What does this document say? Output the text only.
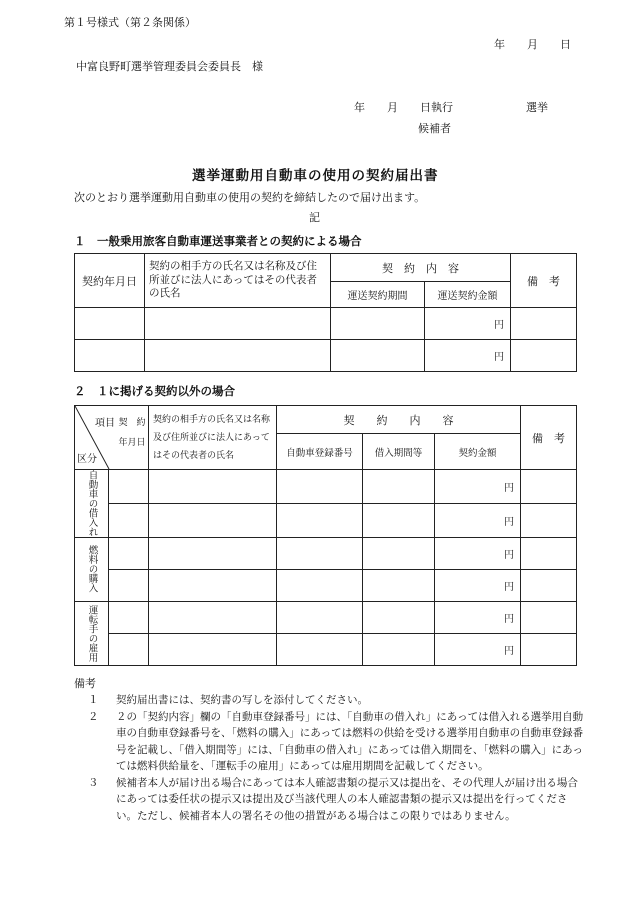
第１号様式（第２条関係）
年　　月　　日
中富良野町選挙管理委員会委員長　様
年　　月　　日執行	選挙
候補者
選挙運動用自動車の使用の契約届出書
次のとおり選挙運動用自動車の使用の契約を締結したので届け出ます。
記
１　一般乗用旅客自動車運送事業者との契約による場合
契約年月日	契約の相手方の氏名又は名称及び住所並びに法人にあってはその代表者の氏名	契　約　内　容		備　考
		運送契約期間	運送契約金額	
			円	
			円	
２　１に掲げる契約以外の場合
項目
区分
契　約 年月日		契約の相手方の氏名又は名称及び住所並びに法人にあってはその代表者の氏名	契　　約　　内　　容			備　考
			自動車登録番号	借入期間等	契約金額	

自動車の借入れ					円	
					円	

燃料の購入					円	
					円	

運転手の雇用					円	
					円	
備考
１	契約届出書には、契約書の写しを添付してください。
２	２の「契約内容」欄の「自動車登録番号」には、「自動車の借入れ」にあっては借入れる選挙用自動車の自動車登録番号を、「燃料の購入」にあっては燃料の供給を受ける選挙用自動車の自動車登録番号を記載し、「借入期間等」には、「自動車の借入れ」にあっては借入期間を、「燃料の購入」にあっては燃料供給量を、「運転手の雇用」にあっては雇用期間を記載してください。
３	候補者本人が届け出る場合にあっては本人確認書類の提示又は提出を、その代理人が届け出る場合にあっては委任状の提示又は提出及び当該代理人の本人確認書類の提示又は提出を行ってください。ただし、候補者本人の署名その他の措置がある場合はこの限りではありません。
